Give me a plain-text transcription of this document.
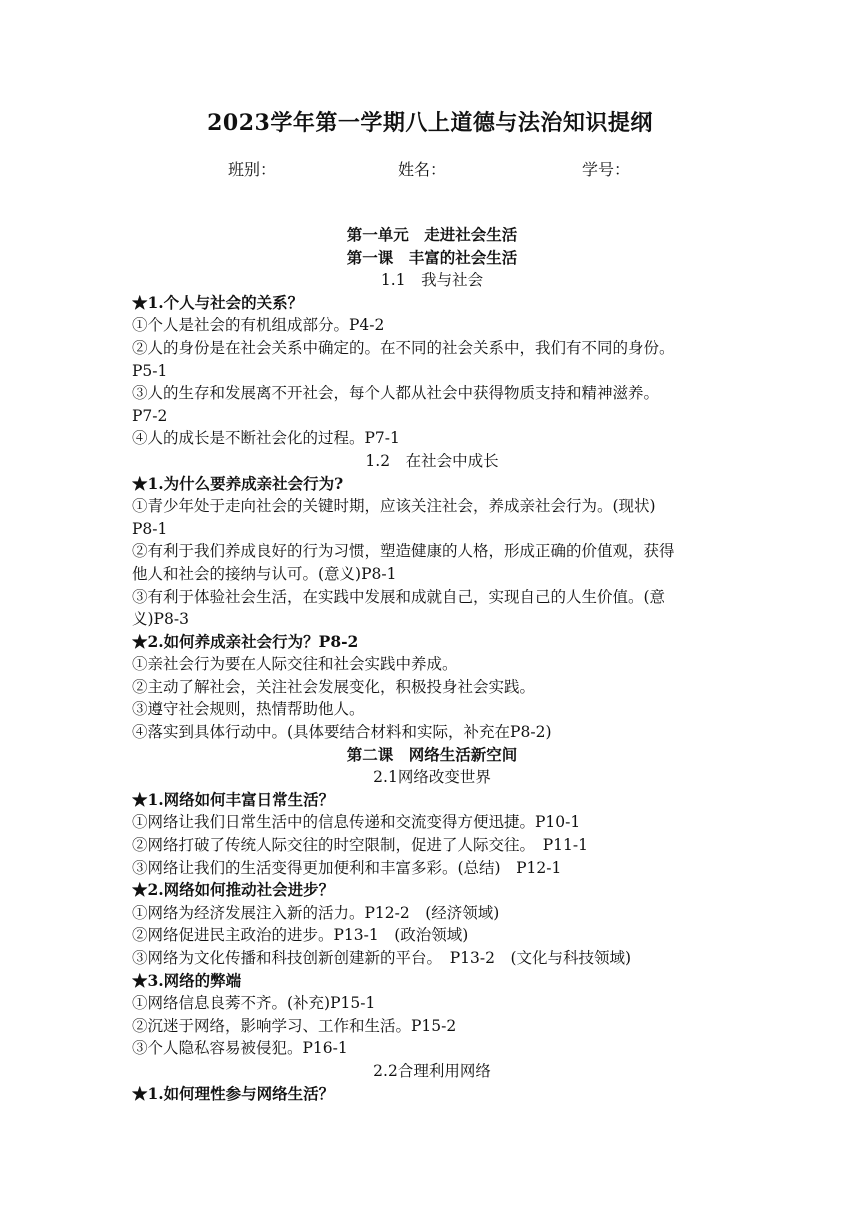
2023学年第一学期八上道德与法治知识提纲
班别：	姓名：	学号：

第一单元　走进社会生活

第一课　丰富的社会生活

1.1　我与社会

★1.个人与社会的关系？

①个人是社会的有机组成部分。P4-2

②人的身份是在社会关系中确定的。在不同的社会关系中，我们有不同的身份。

P5-1

③人的生存和发展离不开社会，每个人都从社会中获得物质支持和精神滋养。

P7-2

④人的成长是不断社会化的过程。P7-1

1.2　在社会中成长

★1.为什么要养成亲社会行为?

①青少年处于走向社会的关键时期，应该关注社会，养成亲社会行为。(现状)

P8-1

②有利于我们养成良好的行为习惯，塑造健康的人格，形成正确的价值观，获得

他人和社会的接纳与认可。(意义)P8-1

③有利于体验社会生活，在实践中发展和成就自己，实现自己的人生价值。(意

义)P8-3

★2.如何养成亲社会行为？P8-2

①亲社会行为要在人际交往和社会实践中养成。

②主动了解社会，关注社会发展变化，积极投身社会实践。

③遵守社会规则，热情帮助他人。

④落实到具体行动中。(具体要结合材料和实际，补充在P8-2)

第二课　网络生活新空间

2.1网络改变世界

★1.网络如何丰富日常生活？

①网络让我们日常生活中的信息传递和交流变得方便迅捷。P10-1

②网络打破了传统人际交往的时空限制，促进了人际交往。　P11-1

③网络让我们的生活变得更加便利和丰富多彩。(总结)　P12-1

★2.网络如何推动社会进步？

①网络为经济发展注入新的活力。P12-2　(经济领域)

②网络促进民主政治的进步。P13-1　(政治领域)

③网络为文化传播和科技创新创建新的平台。　P13-2　(文化与科技领域)

★3.网络的弊端

①网络信息良莠不齐。(补充)P15-1

②沉迷于网络，影响学习、工作和生活。P15-2

③个人隐私容易被侵犯。P16-1

2.2合理利用网络

★1.如何理性参与网络生活？
